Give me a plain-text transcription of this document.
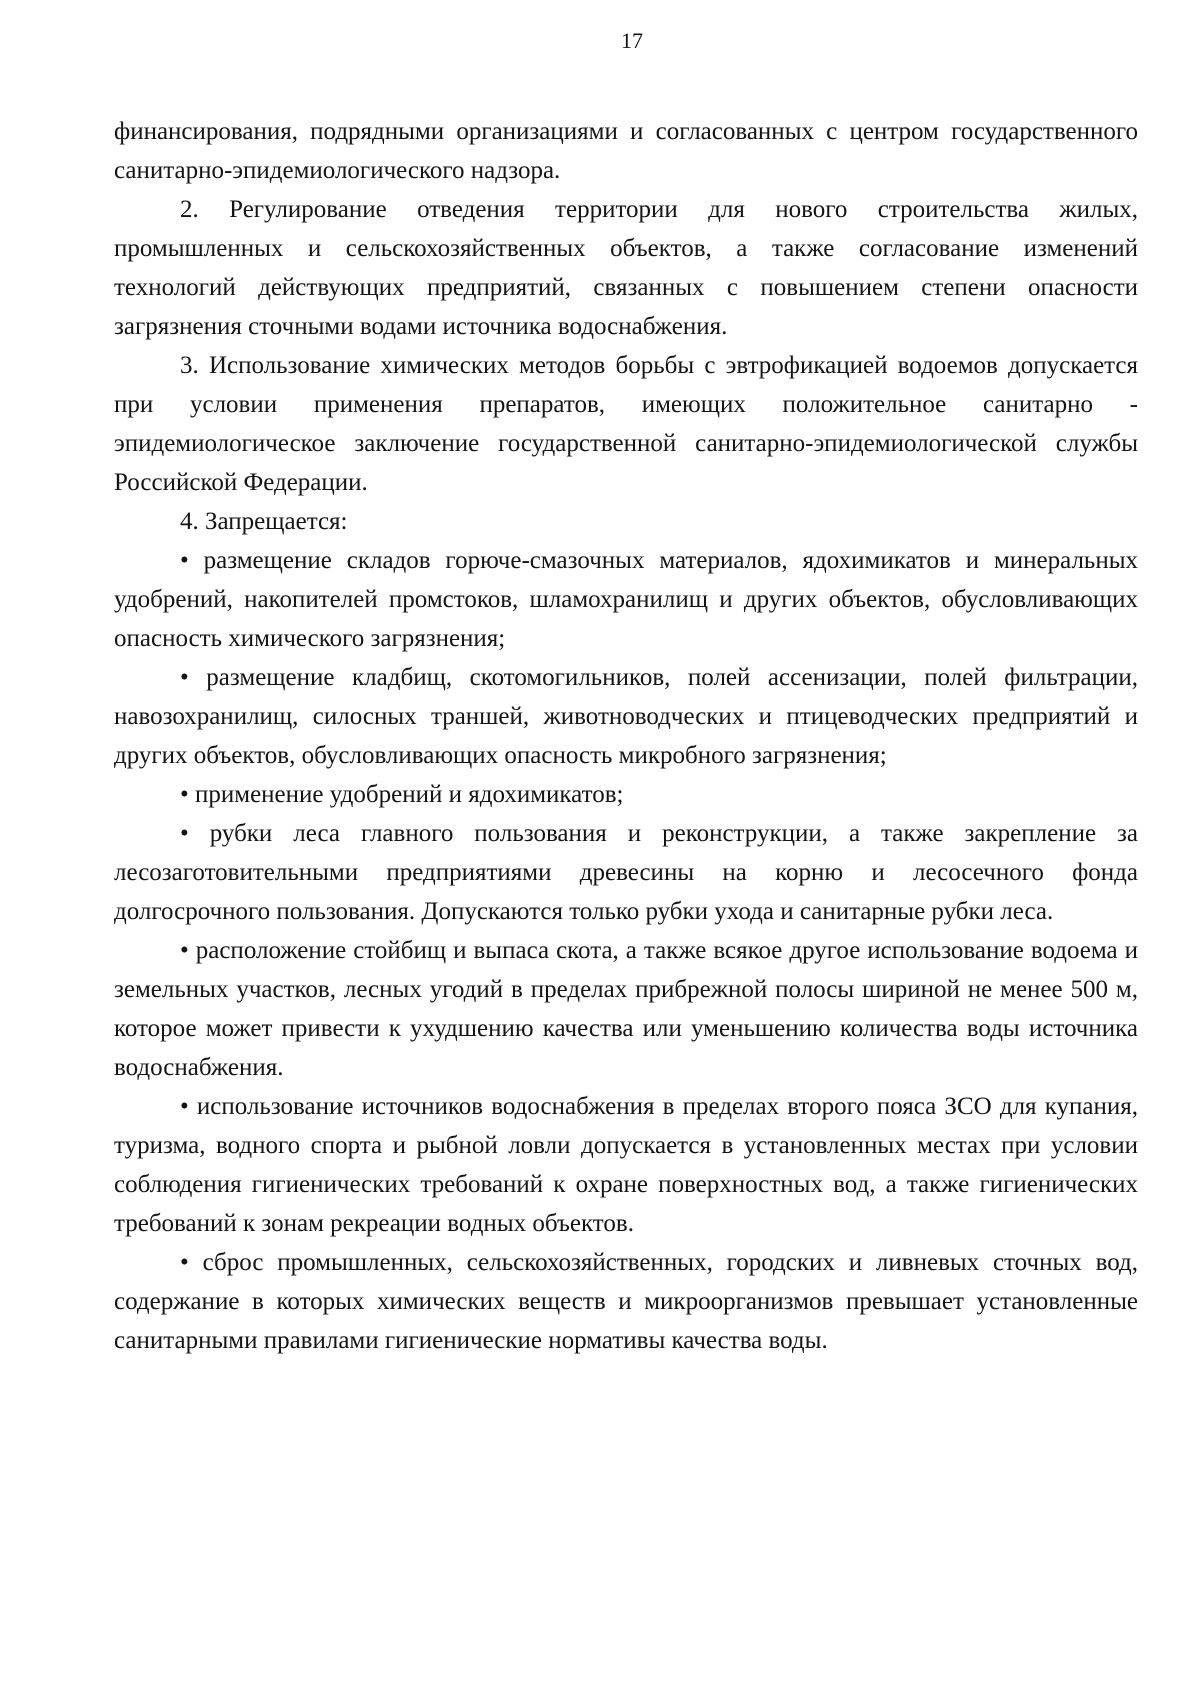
17

финансирования, подрядными организациями и согласованных с центром государственного санитарно-эпидемиологического надзора.

2. Регулирование отведения территории для нового строительства жилых, промышленных и сельскохозяйственных объектов, а также согласование изменений технологий действующих предприятий, связанных с повышением степени опасности загрязнения сточными водами источника водоснабжения.

3. Использование химических методов борьбы с эвтрофикацией водоемов допускается при условии применения препаратов, имеющих положительное санитарно - эпидемиологическое заключение государственной санитарно-эпидемиологической службы Российской Федерации.

4. Запрещается:

• размещение складов горюче-смазочных материалов, ядохимикатов и минеральных удобрений, накопителей промстоков, шламохранилищ и других объектов, обусловливающих опасность химического загрязнения;

• размещение кладбищ, скотомогильников, полей ассенизации, полей фильтрации, навозохранилищ, силосных траншей, животноводческих и птицеводческих предприятий и других объектов, обусловливающих опасность микробного загрязнения;

• применение удобрений и ядохимикатов;

• рубки леса главного пользования и реконструкции, а также закрепление за лесозаготовительными предприятиями древесины на корню и лесосечного фонда долгосрочного пользования. Допускаются только рубки ухода и санитарные рубки леса.

• расположение стойбищ и выпаса скота, а также всякое другое использование водоема и земельных участков, лесных угодий в пределах прибрежной полосы шириной не менее 500 м, которое может привести к ухудшению качества или уменьшению количества воды источника водоснабжения.

• использование источников водоснабжения в пределах второго пояса ЗСО для купания, туризма, водного спорта и рыбной ловли допускается в установленных местах при условии соблюдения гигиенических требований к охране поверхностных вод, а также гигиенических требований к зонам рекреации водных объектов.

• сброс промышленных, сельскохозяйственных, городских и ливневых сточных вод, содержание в которых химических веществ и микроорганизмов превышает установленные санитарными правилами гигиенические нормативы качества воды.
